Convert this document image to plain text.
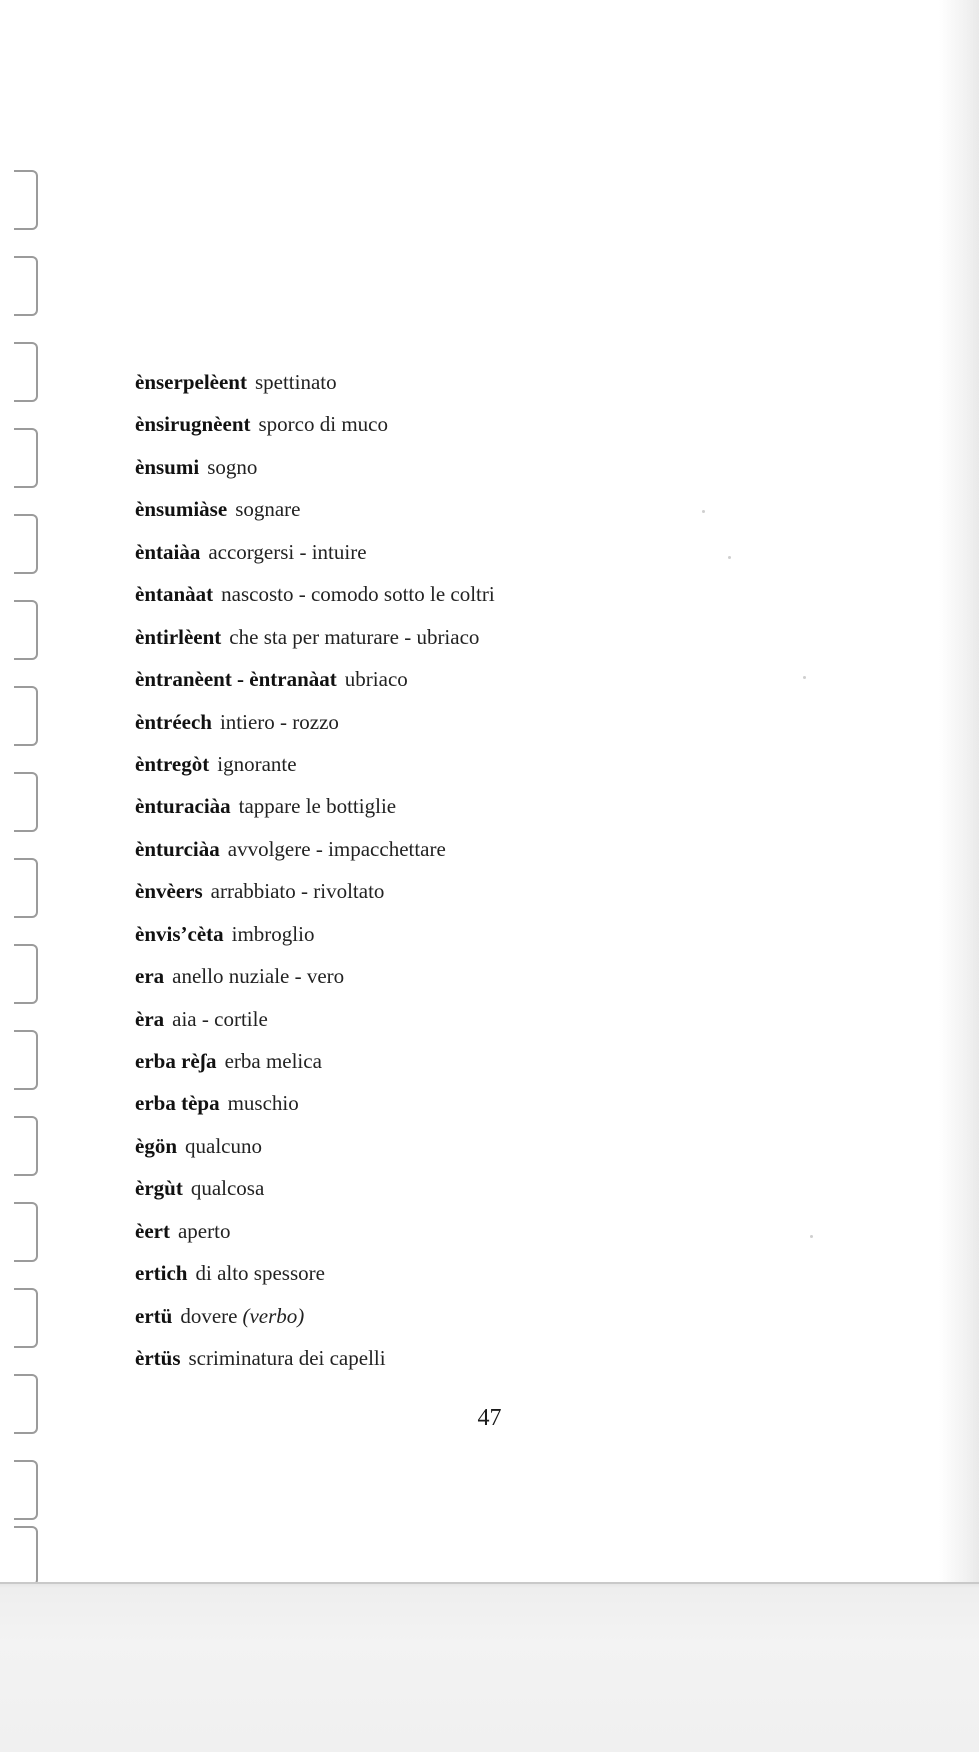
ènserpelèent spettinato
ènsirugnèent sporco di muco
ènsumi sogno
ènsumiàse sognare
èntaiàa accorgersi - intuire
èntanàat nascosto - comodo sotto le coltri
èntirlèent che sta per maturare - ubriaco
èntranèent - èntranàat ubriaco
èntréech intiero - rozzo
èntregòt ignorante
ènturaciàa tappare le bottiglie
ènturciàa avvolgere - impacchettare
ènvèers arrabbiato - rivoltato
ènvis’cèta imbroglio
era anello nuziale - vero
èra aia - cortile
erba rèʃa erba melica
erba tèpa muschio
ègön qualcuno
èrgùt qualcosa
èert aperto
ertich di alto spessore
ertü dovere (verbo)
èrtüs scriminatura dei capelli
47
